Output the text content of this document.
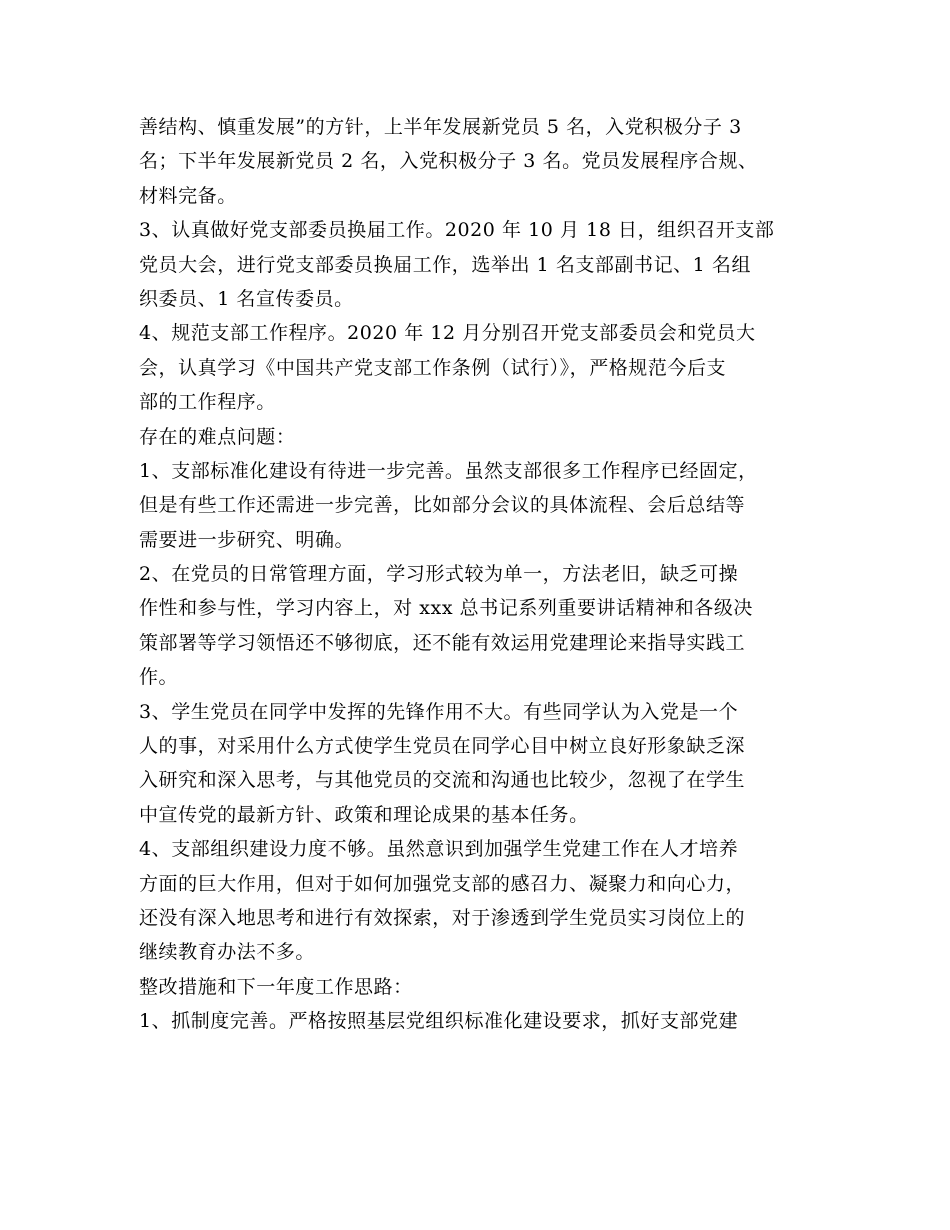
善结构、慎重发展”的方针，上半年发展新党员 5 名，入党积极分子 3
名；下半年发展新党员 2 名，入党积极分子 3 名。党员发展程序合规、
材料完备。
3、认真做好党支部委员换届工作。2020 年 10 月 18 日，组织召开支部
党员大会，进行党支部委员换届工作，选举出 1 名支部副书记、1 名组
织委员、1 名宣传委员。
4、规范支部工作程序。2020 年 12 月分别召开党支部委员会和党员大
会，认真学习《中国共产党支部工作条例（试行）》，严格规范今后支
部的工作程序。
存在的难点问题：
1、支部标准化建设有待进一步完善。虽然支部很多工作程序已经固定，
但是有些工作还需进一步完善，比如部分会议的具体流程、会后总结等
需要进一步研究、明确。
2、在党员的日常管理方面，学习形式较为单一，方法老旧，缺乏可操
作性和参与性，学习内容上，对 xxx 总书记系列重要讲话精神和各级决
策部署等学习领悟还不够彻底，还不能有效运用党建理论来指导实践工
作。
3、学生党员在同学中发挥的先锋作用不大。有些同学认为入党是一个
人的事，对采用什么方式使学生党员在同学心目中树立良好形象缺乏深
入研究和深入思考，与其他党员的交流和沟通也比较少，忽视了在学生
中宣传党的最新方针、政策和理论成果的基本任务。
4、支部组织建设力度不够。虽然意识到加强学生党建工作在人才培养
方面的巨大作用，但对于如何加强党支部的感召力、凝聚力和向心力，
还没有深入地思考和进行有效探索，对于渗透到学生党员实习岗位上的
继续教育办法不多。
整改措施和下一年度工作思路：
1、抓制度完善。严格按照基层党组织标准化建设要求，抓好支部党建
